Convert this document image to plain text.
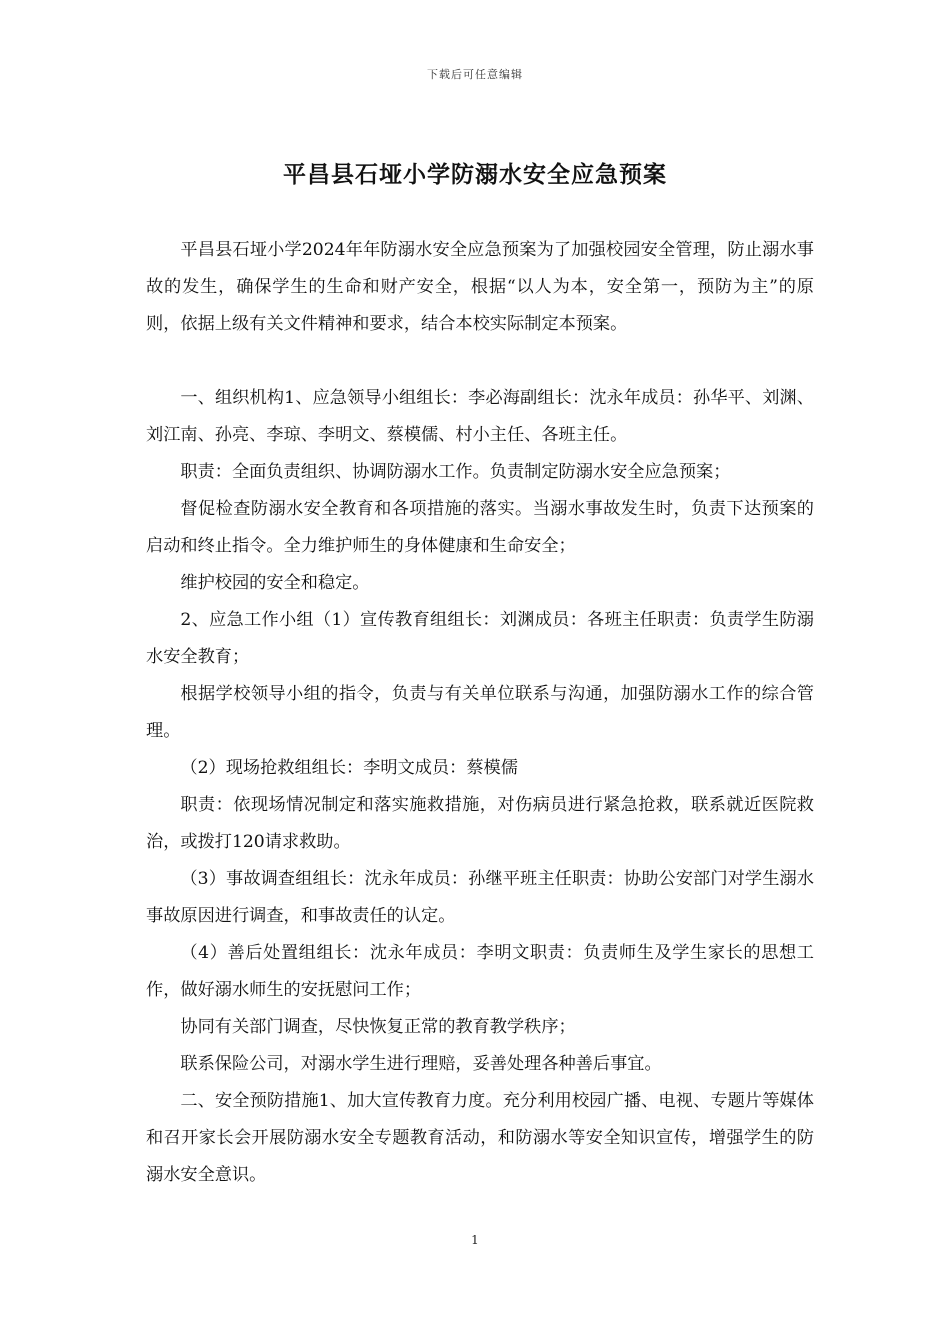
下载后可任意编辑
平昌县石垭小学防溺水安全应急预案

平昌县石垭小学2024年年防溺水安全应急预案为了加强校园安全管理，防止溺水事故的发生，确保学生的生命和财产安全，根据“以人为本，安全第一，预防为主”的原则，依据上级有关文件精神和要求，结合本校实际制定本预案。

一、组织机构1、应急领导小组组长：李必海副组长：沈永年成员：孙华平、刘渊、刘江南、孙亮、李琼、李明文、蔡模儒、村小主任、各班主任。

职责：全面负责组织、协调防溺水工作。负责制定防溺水安全应急预案；

督促检查防溺水安全教育和各项措施的落实。当溺水事故发生时，负责下达预案的启动和终止指令。全力维护师生的身体健康和生命安全；

维护校园的安全和稳定。

2、应急工作小组（1）宣传教育组组长：刘渊成员：各班主任职责：负责学生防溺水安全教育；

根据学校领导小组的指令，负责与有关单位联系与沟通，加强防溺水工作的综合管理。

（2）现场抢救组组长：李明文成员：蔡模儒

职责：依现场情况制定和落实施救措施，对伤病员进行紧急抢救，联系就近医院救治，或拨打120请求救助。

（3）事故调查组组长：沈永年成员：孙继平班主任职责：协助公安部门对学生溺水事故原因进行调查，和事故责任的认定。

（4）善后处置组组长：沈永年成员：李明文职责：负责师生及学生家长的思想工作，做好溺水师生的安抚慰问工作；

协同有关部门调查，尽快恢复正常的教育教学秩序；

联系保险公司，对溺水学生进行理赔，妥善处理各种善后事宜。

二、安全预防措施1、加大宣传教育力度。充分利用校园广播、电视、专题片等媒体和召开家长会开展防溺水安全专题教育活动，和防溺水等安全知识宣传，增强学生的防溺水安全意识。

1
